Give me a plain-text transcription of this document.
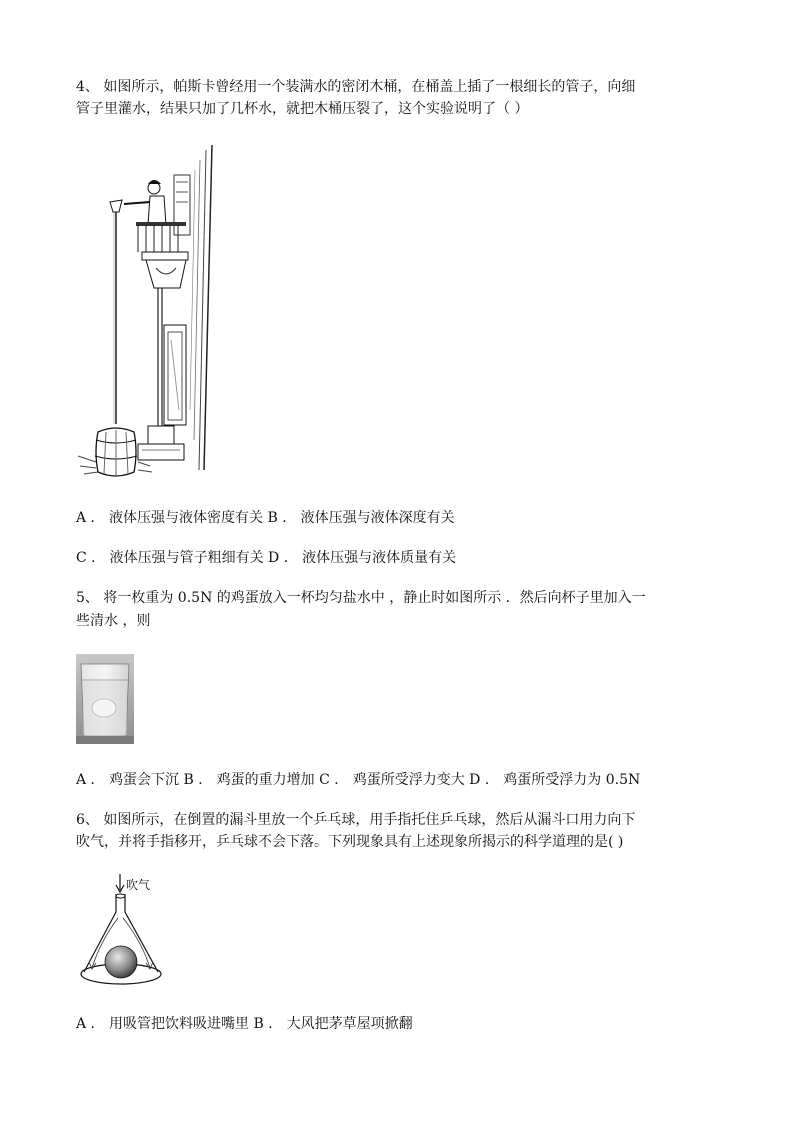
4、 如图所示，帕斯卡曾经用一个装满水的密闭木桶，在桶盖上插了一根细长的管子，向细
管子里灌水，结果只加了几杯水，就把木桶压裂了，这个实验说明了（ ）
A ． 液体压强与液体密度有关 B ． 液体压强与液体深度有关
C ． 液体压强与管子粗细有关 D ． 液体压强与液体质量有关
5、 将一枚重为 0.5N 的鸡蛋放入一杯均匀盐水中 ，静止时如图所示 ．然后向杯子里加入一
些清水 ，则
A ． 鸡蛋会下沉 B ． 鸡蛋的重力增加 C ． 鸡蛋所受浮力变大 D ． 鸡蛋所受浮力为 0.5N
6、 如图所示，在倒置的漏斗里放一个乒乓球，用手指托住乒乓球，然后从漏斗口用力向下
吹气，并将手指移开，乒乓球不会下落。下列现象具有上述现象所揭示的科学道理的是( )
吹气
A ． 用吸管把饮料吸进嘴里 B ． 大风把茅草屋项掀翻
